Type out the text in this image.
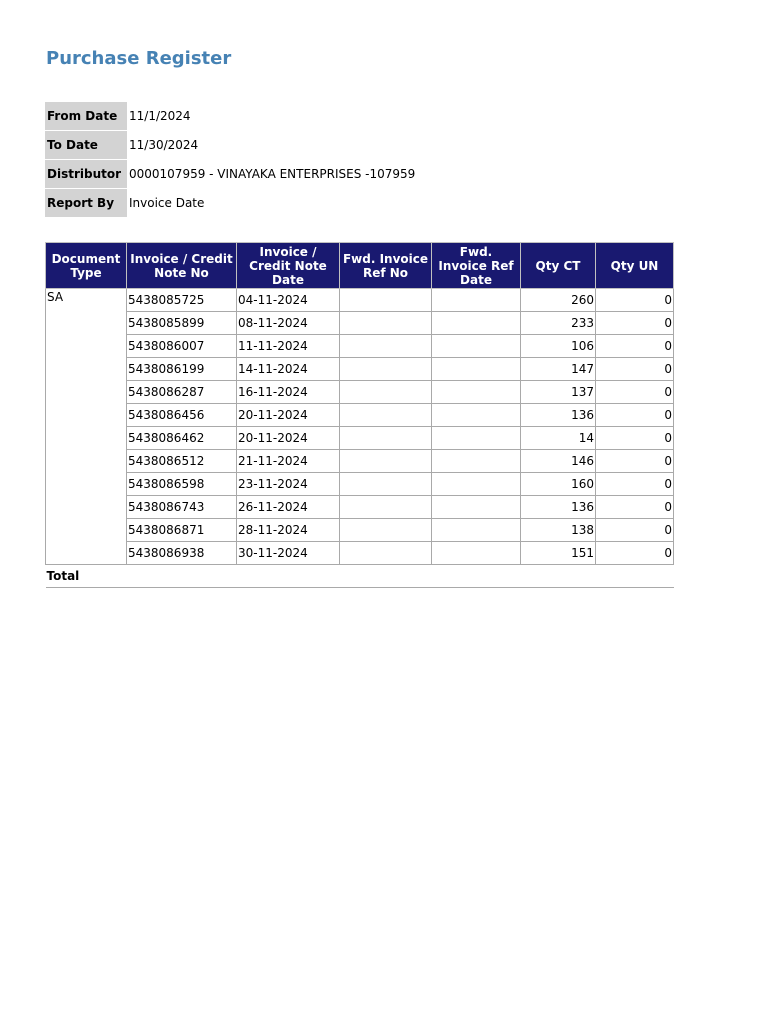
Purchase Register
From Date	11/1/2024
To Date	11/30/2024
Distributor	0000107959 - VINAYAKA ENTERPRISES -107959
Report By	Invoice Date
Document Type	Invoice / Credit Note No	Invoice / Credit Note Date	Fwd. Invoice Ref No	Fwd. Invoice Ref Date	Qty CT	Qty UN
SA	5438085725	04-11-2024			260	0
	5438085899	08-11-2024			233	0
	5438086007	11-11-2024			106	0
	5438086199	14-11-2024			147	0
	5438086287	16-11-2024			137	0
	5438086456	20-11-2024			136	0
	5438086462	20-11-2024			14	0
	5438086512	21-11-2024			146	0
	5438086598	23-11-2024			160	0
	5438086743	26-11-2024			136	0
	5438086871	28-11-2024			138	0
	5438086938	30-11-2024			151	0
Total						
